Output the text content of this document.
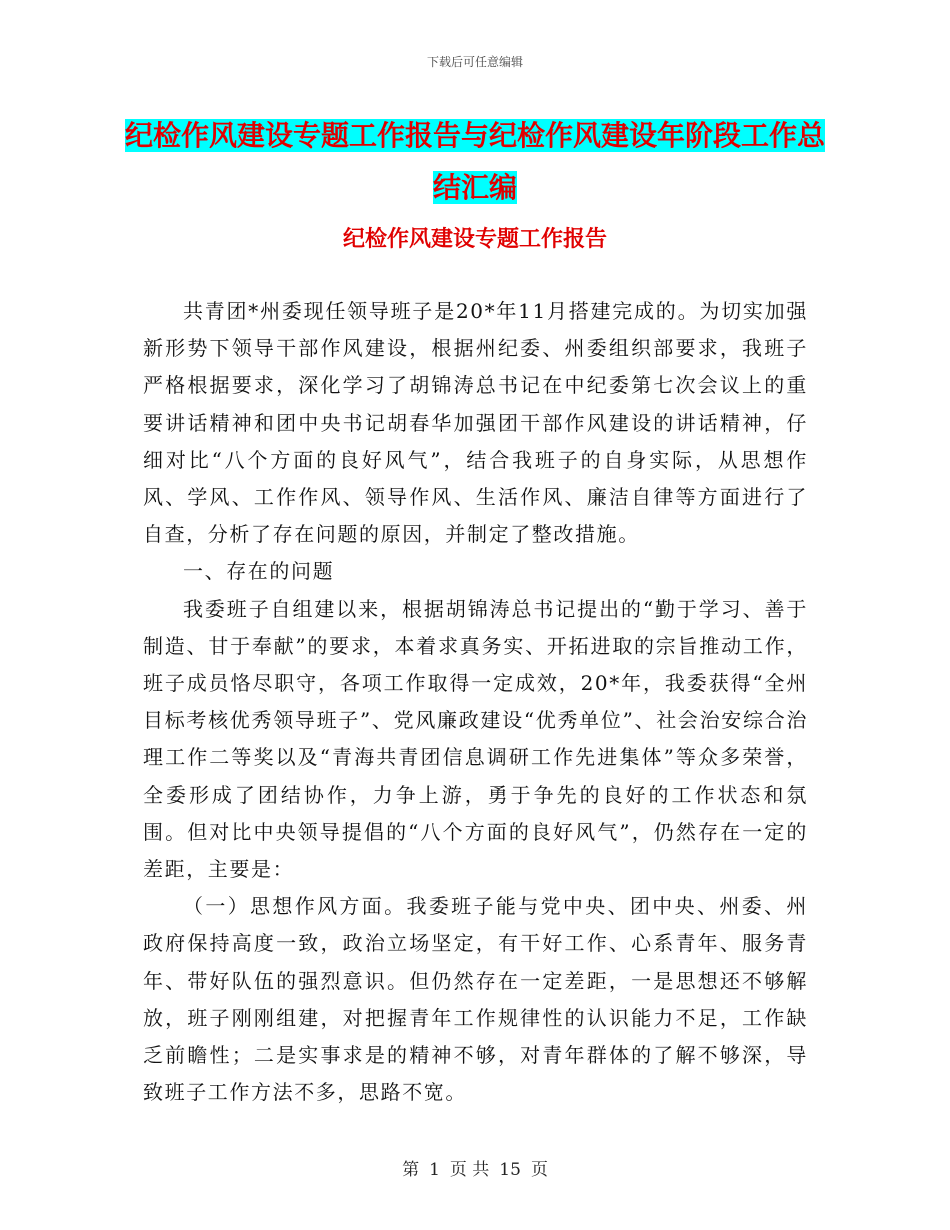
下载后可任意编辑
纪检作风建设专题工作报告与纪检作风建设年阶段工作总结汇编
纪检作风建设专题工作报告

共青团*州委现任领导班子是20*年11月搭建完成的。为切实加强新形势下领导干部作风建设，根据州纪委、州委组织部要求，我班子严格根据要求，深化学习了胡锦涛总书记在中纪委第七次会议上的重要讲话精神和团中央书记胡春华加强团干部作风建设的讲话精神，仔细对比“八个方面的良好风气”，结合我班子的自身实际，从思想作风、学风、工作作风、领导作风、生活作风、廉洁自律等方面进行了自查，分析了存在问题的原因，并制定了整改措施。

一、存在的问题

我委班子自组建以来，根据胡锦涛总书记提出的“勤于学习、善于制造、甘于奉献”的要求，本着求真务实、开拓进取的宗旨推动工作，班子成员恪尽职守，各项工作取得一定成效，20*年，我委获得“全州目标考核优秀领导班子”、党风廉政建设“优秀单位”、社会治安综合治理工作二等奖以及“青海共青团信息调研工作先进集体”等众多荣誉，全委形成了团结协作，力争上游，勇于争先的良好的工作状态和氛围。但对比中央领导提倡的“八个方面的良好风气”，仍然存在一定的差距，主要是：

（一）思想作风方面。我委班子能与党中央、团中央、州委、州政府保持高度一致，政治立场坚定，有干好工作、心系青年、服务青年、带好队伍的强烈意识。但仍然存在一定差距，一是思想还不够解放，班子刚刚组建，对把握青年工作规律性的认识能力不足，工作缺乏前瞻性；二是实事求是的精神不够，对青年群体的了解不够深，导致班子工作方法不多，思路不宽。

第 1 页 共 15 页
